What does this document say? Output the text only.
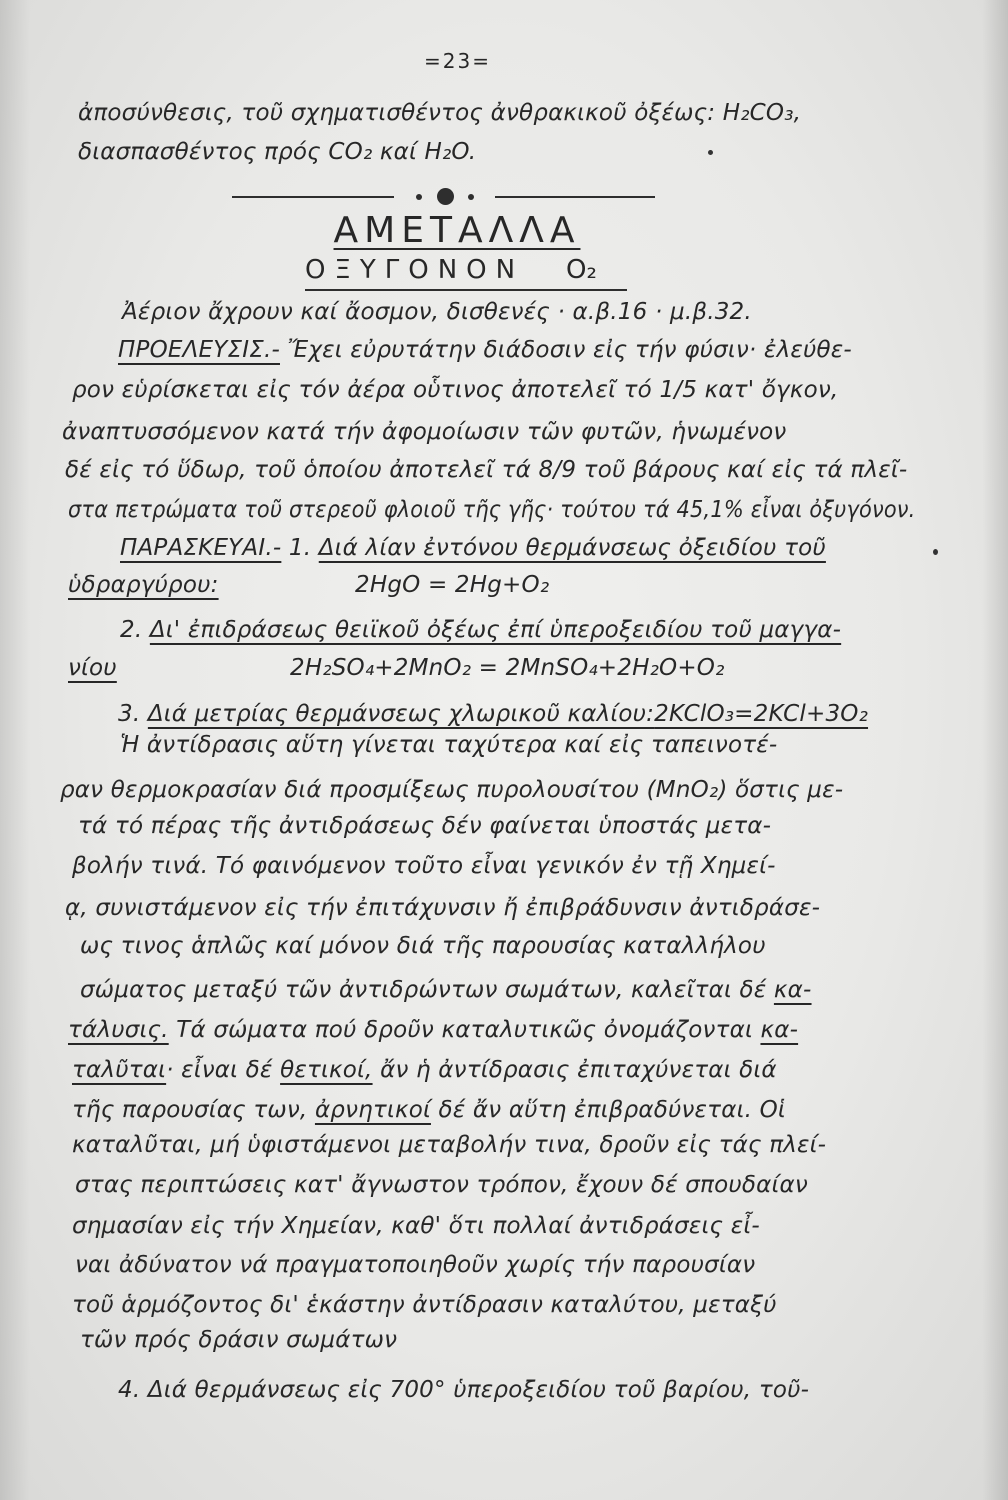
=23=
ἀποσύνθεσις, τοῦ σχηματισθέντος ἀνθρακικοῦ ὀξέως: H₂CO₃,
διασπασθέντος πρός CO₂ καί H₂O.
ΑΜΕΤΑΛΛΑ
ΟΞΥΓΟΝΟΝ O₂
Ἀέριον ἄχρουν καί ἄοσμον, δισθενές · α.β.16 · μ.β.32.
ΠΡΟΕΛΕΥΣΙΣ.- Ἔχει εὐρυτάτην διάδοσιν εἰς τήν φύσιν· ἐλεύθε-
ρον εὑρίσκεται εἰς τόν ἀέρα οὗτινος ἀποτελεῖ τό 1/5 κατ' ὄγκον,
ἀναπτυσσόμενον κατά τήν ἀφομοίωσιν τῶν φυτῶν, ἡνωμένον
δέ εἰς τό ὕδωρ, τοῦ ὁποίου ἀποτελεῖ τά 8/9 τοῦ βάρους καί εἰς τά πλεῖ-
στα πετρώματα τοῦ στερεοῦ φλοιοῦ τῆς γῆς· τούτου τά 45,1% εἶναι ὀξυγόνον.
ΠΑΡΑΣΚΕΥΑΙ.- 1. Διά λίαν ἐντόνου θερμάνσεως ὀξειδίου τοῦ
ὑδραργύρου:	2HgO = 2Hg+O₂
2. Δι' ἐπιδράσεως θειϊκοῦ ὀξέως ἐπί ὑπεροξειδίου τοῦ μαγγα-
νίου	2H₂SO₄+2MnO₂ = 2MnSO₄+2H₂O+O₂
3. Διά μετρίας θερμάνσεως χλωρικοῦ καλίου:2KClO₃=2KCl+3O₂
Ἡ ἀντίδρασις αὕτη γίνεται ταχύτερα καί εἰς ταπεινοτέ-
ραν θερμοκρασίαν διά προσμίξεως πυρολουσίτου (MnO₂) ὅστις με-
τά τό πέρας τῆς ἀντιδράσεως δέν φαίνεται ὑποστάς μετα-
βολήν τινά. Τό φαινόμενον τοῦτο εἶναι γενικόν ἐν τῇ Χημεί-
ᾳ, συνιστάμενον εἰς τήν ἐπιτάχυνσιν ἤ ἐπιβράδυνσιν ἀντιδράσε-
ως τινος ἁπλῶς καί μόνον διά τῆς παρουσίας καταλλήλου
σώματος μεταξύ τῶν ἀντιδρώντων σωμάτων, καλεῖται δέ κα-
τάλυσις. Τά σώματα πού δροῦν καταλυτικῶς ὀνομάζονται κα-
ταλῦται· εἶναι δέ θετικοί, ἄν ἡ ἀντίδρασις ἐπιταχύνεται διά
τῆς παρουσίας των, ἀρνητικοί δέ ἄν αὕτη ἐπιβραδύνεται. Οἱ
καταλῦται, μή ὑφιστάμενοι μεταβολήν τινα, δροῦν εἰς τάς πλεί-
στας περιπτώσεις κατ' ἄγνωστον τρόπον, ἔχουν δέ σπουδαίαν
σημασίαν εἰς τήν Χημείαν, καθ' ὅτι πολλαί ἀντιδράσεις εἶ-
ναι ἀδύνατον νά πραγματοποιηθοῦν χωρίς τήν παρουσίαν
τοῦ ἁρμόζοντος δι' ἑκάστην ἀντίδρασιν καταλύτου, μεταξύ
τῶν πρός δράσιν σωμάτων
4. Διά θερμάνσεως εἰς 700° ὑπεροξειδίου τοῦ βαρίου, τοῦ-
